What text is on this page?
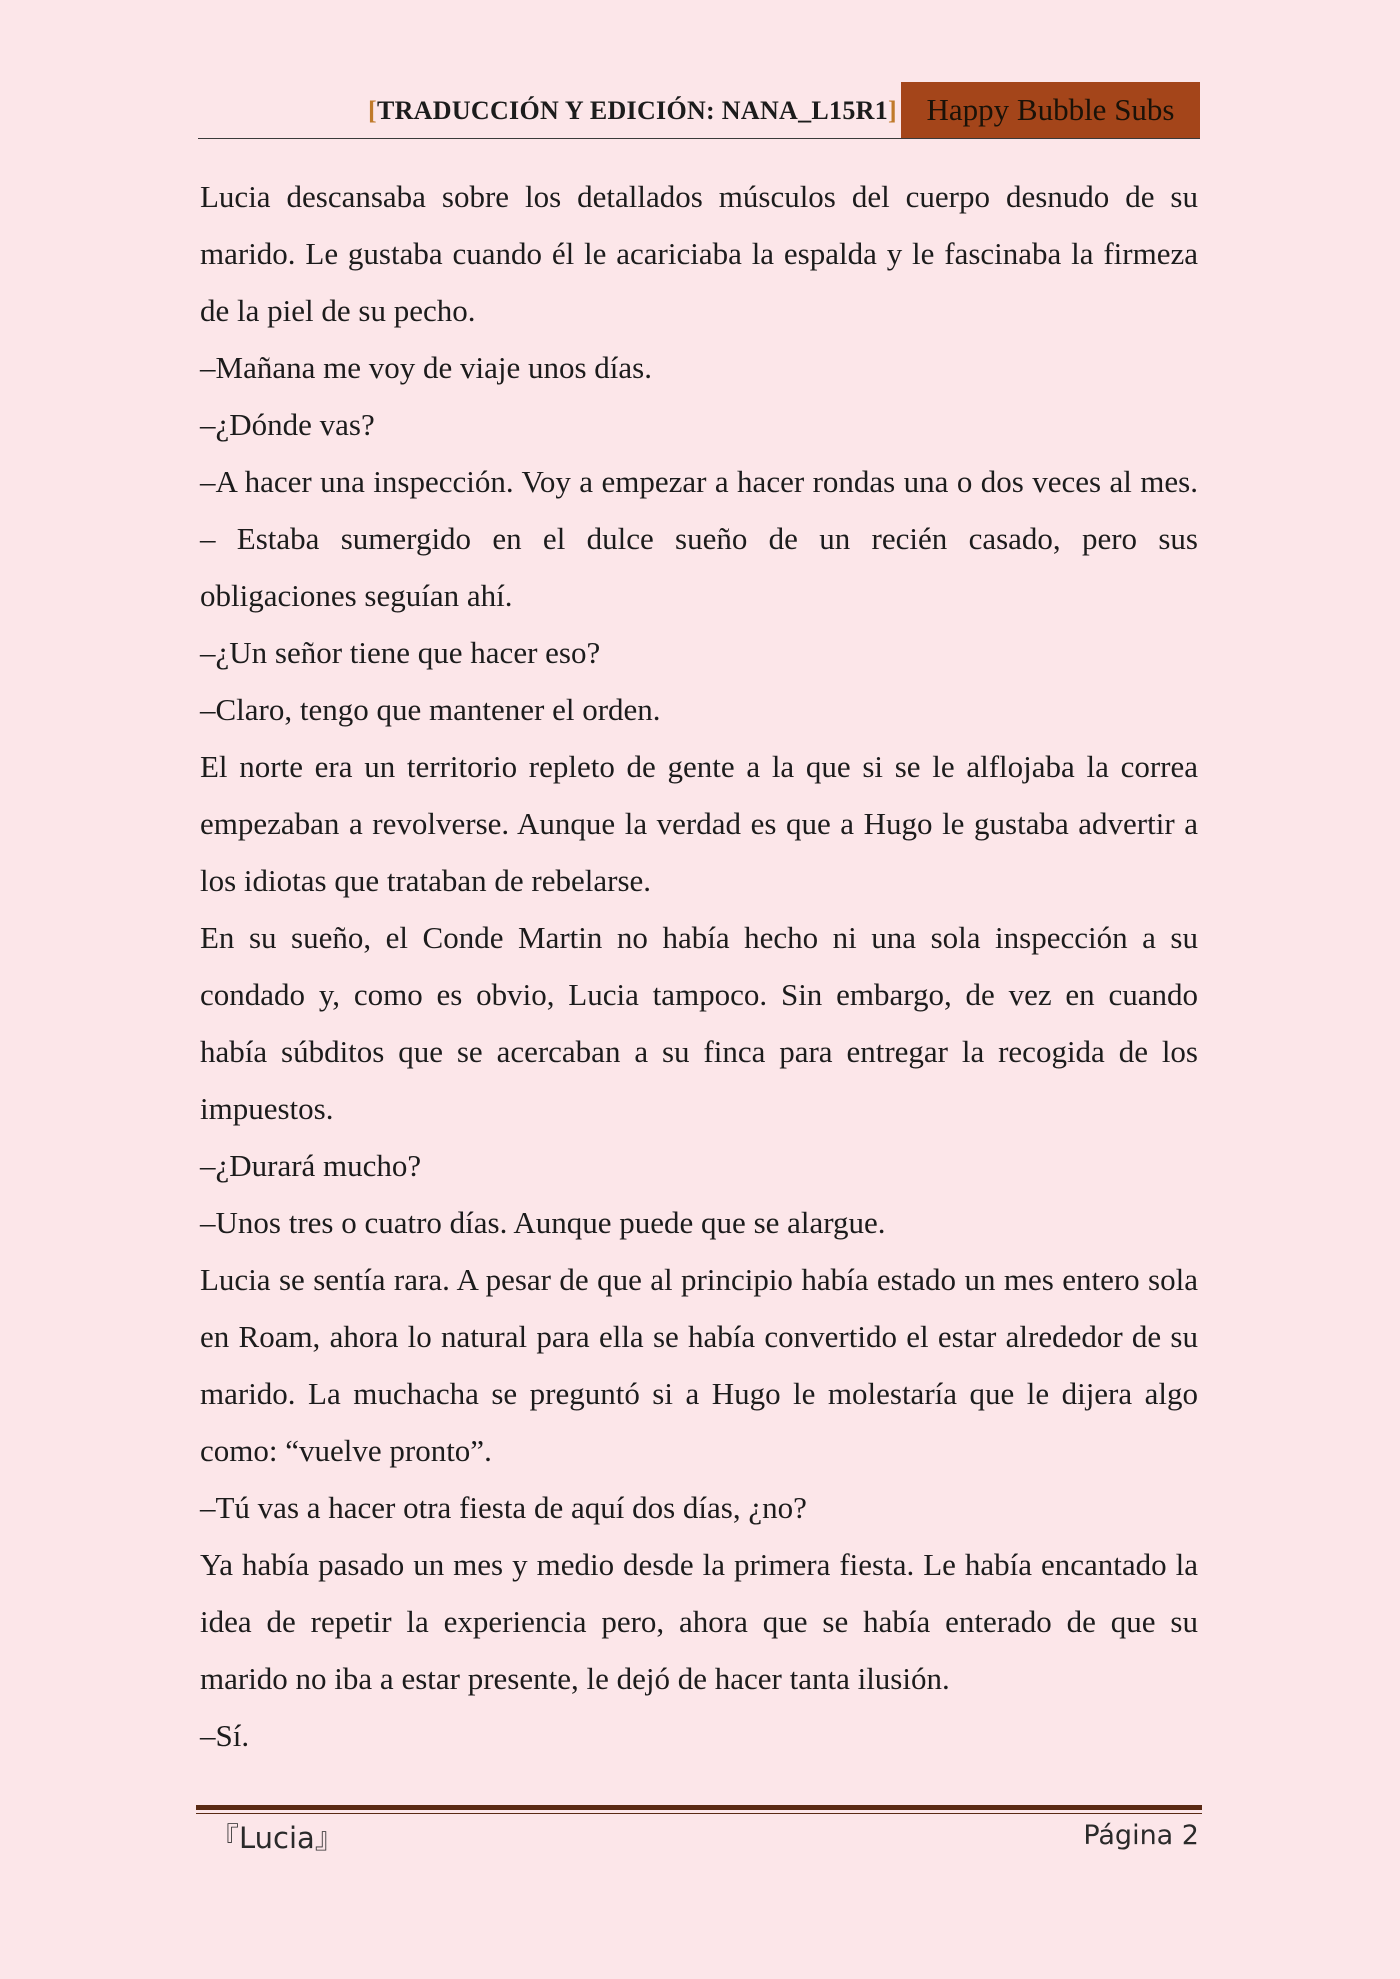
[TRADUCCIÓN Y EDICIÓN: NANA_L15R1] Happy Bubble Subs

Lucia descansaba sobre los detallados músculos del cuerpo desnudo de su marido. Le gustaba cuando él le acariciaba la espalda y le fascinaba la firmeza de la piel de su pecho.

–Mañana me voy de viaje unos días.

–¿Dónde vas?

–A hacer una inspección. Voy a empezar a hacer rondas una o dos veces al mes. – Estaba sumergido en el dulce sueño de un recién casado, pero sus obligaciones seguían ahí.

–¿Un señor tiene que hacer eso?

–Claro, tengo que mantener el orden.

El norte era un territorio repleto de gente a la que si se le alflojaba la correa empezaban a revolverse. Aunque la verdad es que a Hugo le gustaba advertir a los idiotas que trataban de rebelarse.

En su sueño, el Conde Martin no había hecho ni una sola inspección a su condado y, como es obvio, Lucia tampoco. Sin embargo, de vez en cuando había súbditos que se acercaban a su finca para entregar la recogida de los impuestos.

–¿Durará mucho?

–Unos tres o cuatro días. Aunque puede que se alargue.

Lucia se sentía rara. A pesar de que al principio había estado un mes entero sola en Roam, ahora lo natural para ella se había convertido el estar alrededor de su marido. La muchacha se preguntó si a Hugo le molestaría que le dijera algo como: “vuelve pronto”.

–Tú vas a hacer otra fiesta de aquí dos días, ¿no?

Ya había pasado un mes y medio desde la primera fiesta. Le había encantado la idea de repetir la experiencia pero, ahora que se había enterado de que su marido no iba a estar presente, le dejó de hacer tanta ilusión.

–Sí.

『Lucia』	Página 2
